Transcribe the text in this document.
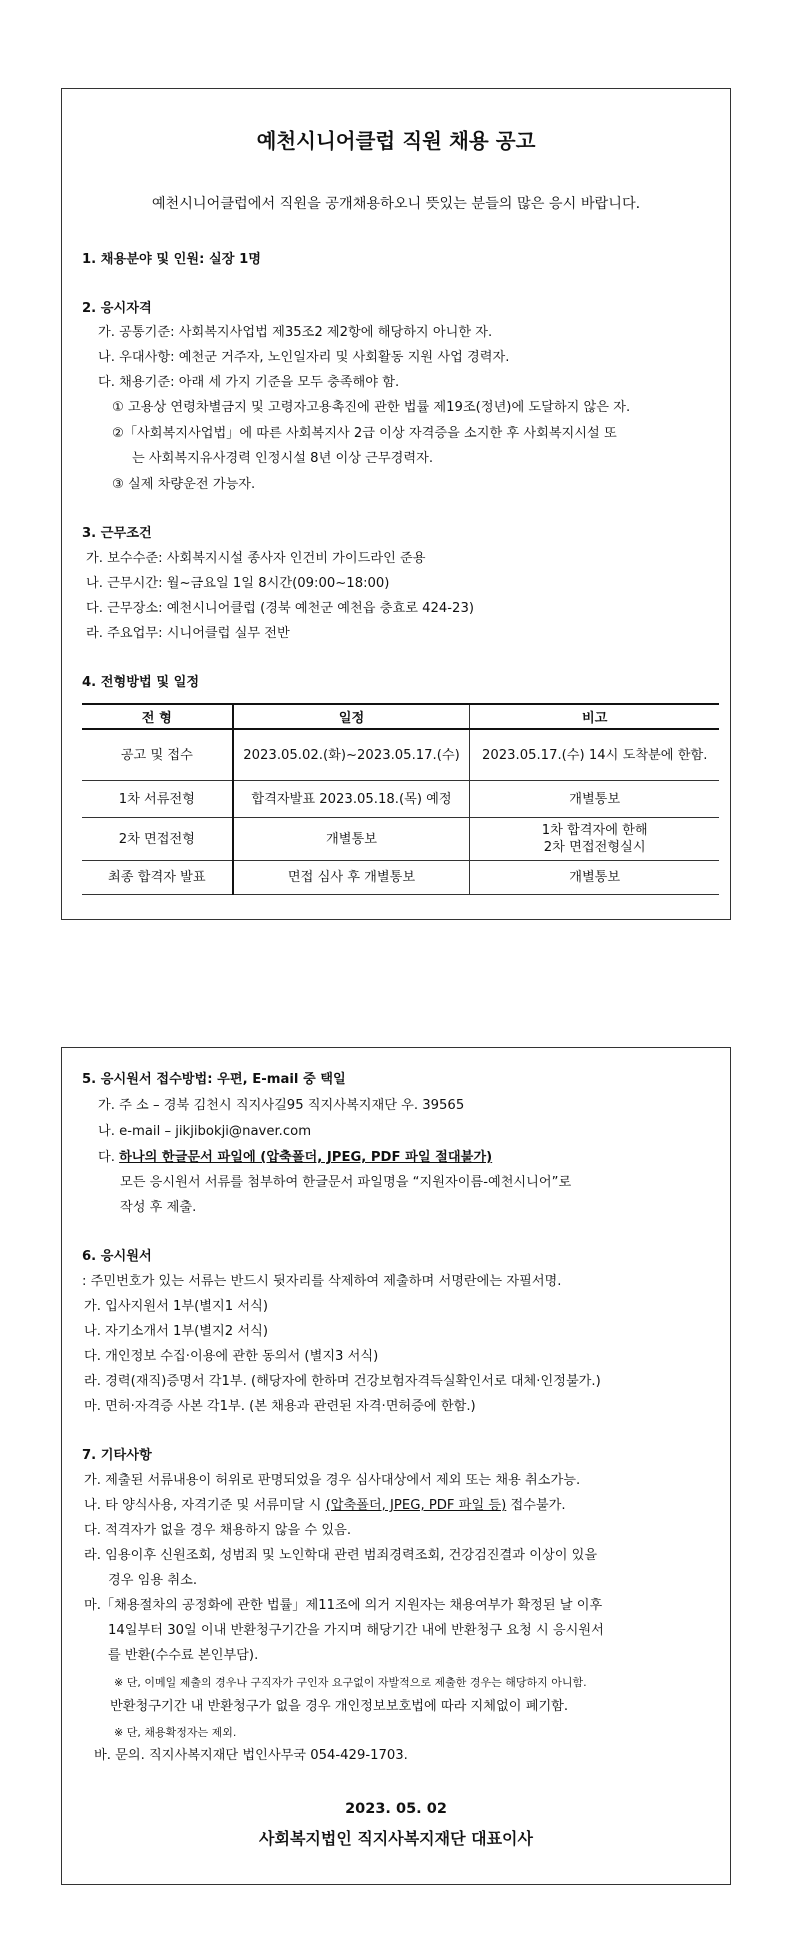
예천시니어클럽 직원 채용 공고
예천시니어클럽에서 직원을 공개채용하오니 뜻있는 분들의 많은 응시 바랍니다.
1. 채용분야 및 인원: 실장 1명
2. 응시자격
가. 공통기준: 사회복지사업법 제35조2 제2항에 해당하지 아니한 자.
나. 우대사항: 예천군 거주자, 노인일자리 및 사회활동 지원 사업 경력자.
다. 채용기준: 아래 세 가지 기준을 모두 충족해야 함.
① 고용상 연령차별금지 및 고령자고용촉진에 관한 법률 제19조(정년)에 도달하지 않은 자.
②「사회복지사업법」에 따른 사회복지사 2급 이상 자격증을 소지한 후 사회복지시설 또
는 사회복지유사경력 인정시설 8년 이상 근무경력자.
③ 실제 차량운전 가능자.
3. 근무조건
가. 보수수준: 사회복지시설 종사자 인건비 가이드라인 준용
나. 근무시간: 월~금요일 1일 8시간(09:00~18:00)
다. 근무장소: 예천시니어클럽 (경북 예천군 예천읍 충효로 424-23)
라. 주요업무: 시니어클럽 실무 전반
4. 전형방법 및 일정
전 형	일정	비고
공고 및 접수	2023.05.02.(화)~2023.05.17.(수)	2023.05.17.(수) 14시 도착분에 한함.
1차 서류전형	합격자발표 2023.05.18.(목) 예정	개별통보
2차 면접전형	개별통보	1차 합격자에 한해
2차 면접전형실시

최종 합격자 발표	면접 심사 후 개별통보	개별통보
5. 응시원서 접수방법: 우편, E-mail 중 택일
가. 주 소 – 경북 김천시 직지사길95 직지사복지재단 우. 39565
나. e-mail – jikjibokji@naver.com
다. 하나의 한글문서 파일에 (압축폴더, JPEG, PDF 파일 절대불가)
모든 응시원서 서류를 첨부하여 한글문서 파일명을 “지원자이름-예천시니어”로
작성 후 제출.
6. 응시원서
: 주민번호가 있는 서류는 반드시 뒷자리를 삭제하여 제출하며 서명란에는 자필서명.
가. 입사지원서 1부(별지1 서식)
나. 자기소개서 1부(별지2 서식)
다. 개인정보 수집·이용에 관한 동의서 (별지3 서식)
라. 경력(재직)증명서 각1부. (해당자에 한하며 건강보험자격득실확인서로 대체·인정불가.)
마. 면허·자격증 사본 각1부. (본 채용과 관련된 자격·면허증에 한함.)
7. 기타사항
가. 제출된 서류내용이 허위로 판명되었을 경우 심사대상에서 제외 또는 채용 취소가능.
나. 타 양식사용, 자격기준 및 서류미달 시 (압축폴더, JPEG, PDF 파일 등) 접수불가.
다. 적격자가 없을 경우 채용하지 않을 수 있음.
라. 임용이후 신원조회, 성범죄 및 노인학대 관련 범죄경력조회, 건강검진결과 이상이 있을
경우 임용 취소.
마.「채용절차의 공정화에 관한 법률」제11조에 의거 지원자는 채용여부가 확정된 날 이후
14일부터 30일 이내 반환청구기간을 가지며 해당기간 내에 반환청구 요청 시 응시원서
를 반환(수수료 본인부담).
※ 단, 이메일 제출의 경우나 구직자가 구인자 요구없이 자발적으로 제출한 경우는 해당하지 아니함.
반환청구기간 내 반환청구가 없을 경우 개인정보보호법에 따라 지체없이 폐기함.
※ 단, 채용확정자는 제외.
바. 문의. 직지사복지재단 법인사무국 054-429-1703.
2023. 05. 02
사회복지법인 직지사복지재단 대표이사
